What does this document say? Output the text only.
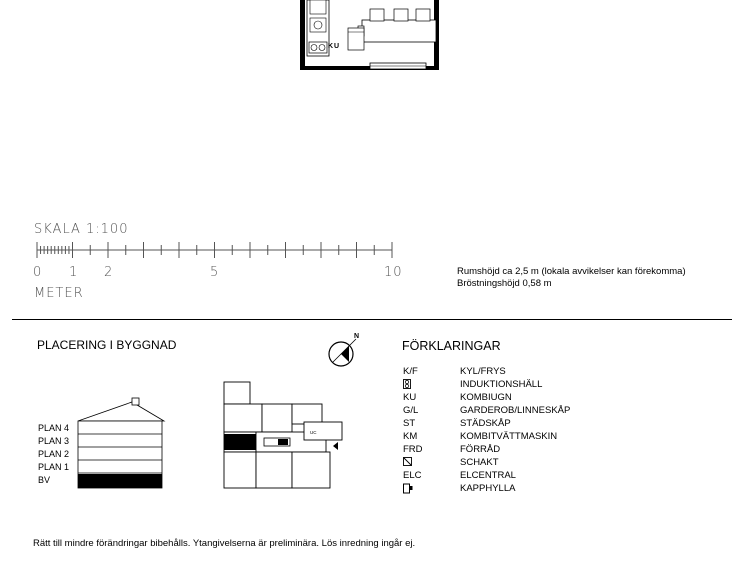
KU
SKALA 1:100
0 1 2	5	10
METER
Rumshöjd ca 2,5 m (lokala avvikelser kan förekomma)
Bröstningshöjd 0,58 m
PLACERING I BYGGNAD
PLAN 4
PLAN 3
PLAN 2
PLAN 1
BV
N
UC
FÖRKLARINGAR
K/F	KYL/FRYS
INDUKTIONSHÄLL
KU	KOMBIUGN
G/L	GARDEROB/LINNESKÅP
ST	STÄDSKÅP
KM	KOMBITVÄTTMASKIN
FRD	FÖRRÅD
SCHAKT
ELC	ELCENTRAL
KAPPHYLLA
Rätt till mindre förändringar bibehålls. Ytangivelserna är preliminära. Lös inredning ingår ej.
